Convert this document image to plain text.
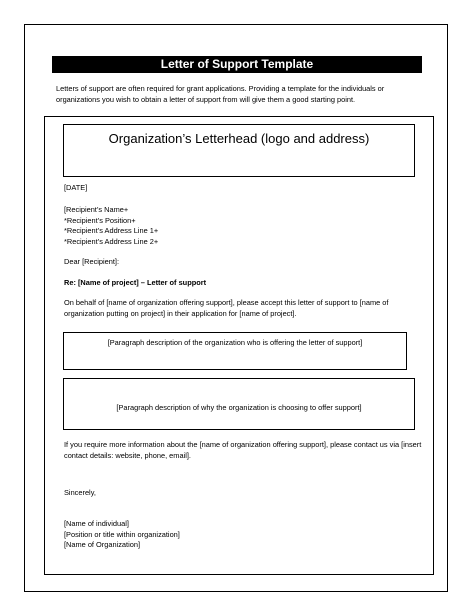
Letter of Support Template
Letters of support are often required for grant applications. Providing a template for the individuals or organizations you wish to obtain a letter of support from will give them a good starting point.
Organization’s Letterhead (logo and address)
[DATE]
[Recipient’s Name+
*Recipient’s Position+
*Recipient’s Address Line 1+
*Recipient’s Address Line 2+
Dear [Recipient]:
Re: [Name of project] – Letter of support
On behalf of [name of organization offering support], please accept this letter of support to [name of organization putting on project] in their application for [name of project].
[Paragraph description of the organization who is offering the letter of support]
[Paragraph description of why the organization is choosing to offer support]
If you require more information about the [name of organization offering support], please contact us via [insert contact details: website, phone, email].
Sincerely,
[Name of individual]
[Position or title within organization]
[Name of Organization]
